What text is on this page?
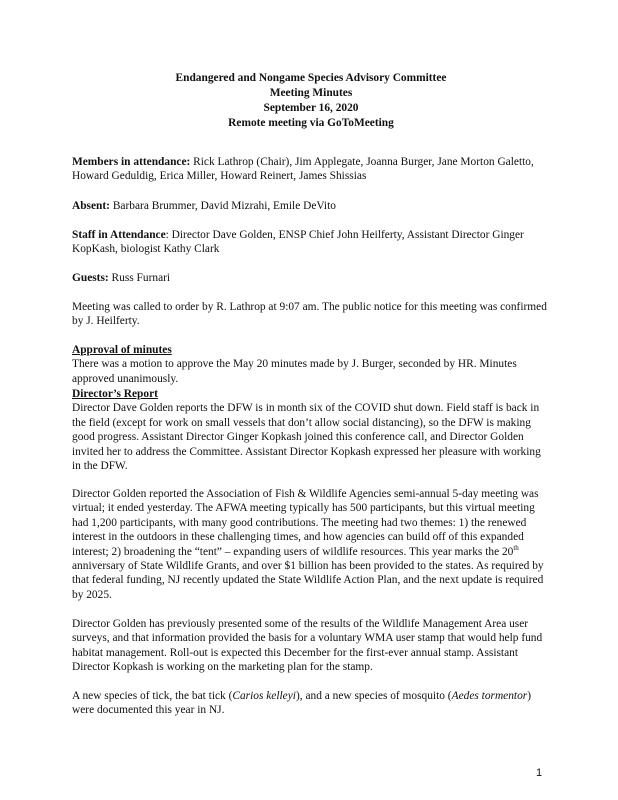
Endangered and Nongame Species Advisory Committee
Meeting Minutes
September 16, 2020
Remote meeting via GoToMeeting

Members in attendance: Rick Lathrop (Chair), Jim Applegate, Joanna Burger, Jane Morton Galetto, Howard Geduldig, Erica Miller, Howard Reinert, James Shissias

Absent: Barbara Brummer, David Mizrahi, Emile DeVito

Staff in Attendance: Director Dave Golden, ENSP Chief John Heilferty, Assistant Director Ginger KopKash, biologist Kathy Clark

Guests: Russ Furnari

Meeting was called to order by R. Lathrop at 9:07 am. The public notice for this meeting was confirmed by J. Heilferty.

Approval of minutes

There was a motion to approve the May 20 minutes made by J. Burger, seconded by HR. Minutes approved unanimously.

Director’s Report

Director Dave Golden reports the DFW is in month six of the COVID shut down. Field staff is back in the field (except for work on small vessels that don’t allow social distancing), so the DFW is making good progress. Assistant Director Ginger Kopkash joined this conference call, and Director Golden invited her to address the Committee. Assistant Director Kopkash expressed her pleasure with working in the DFW.

Director Golden reported the Association of Fish & Wildlife Agencies semi-annual 5-day meeting was virtual; it ended yesterday. The AFWA meeting typically has 500 participants, but this virtual meeting had 1,200 participants, with many good contributions. The meeting had two themes: 1) the renewed interest in the outdoors in these challenging times, and how agencies can build off of this expanded interest; 2) broadening the “tent” – expanding users of wildlife resources. This year marks the 20th anniversary of State Wildlife Grants, and over $1 billion has been provided to the states. As required by that federal funding, NJ recently updated the State Wildlife Action Plan, and the next update is required by 2025.

Director Golden has previously presented some of the results of the Wildlife Management Area user surveys, and that information provided the basis for a voluntary WMA user stamp that would help fund habitat management. Roll-out is expected this December for the first-ever annual stamp. Assistant Director Kopkash is working on the marketing plan for the stamp.

A new species of tick, the bat tick (Carios kelleyi), and a new species of mosquito (Aedes tormentor) were documented this year in NJ.

1
